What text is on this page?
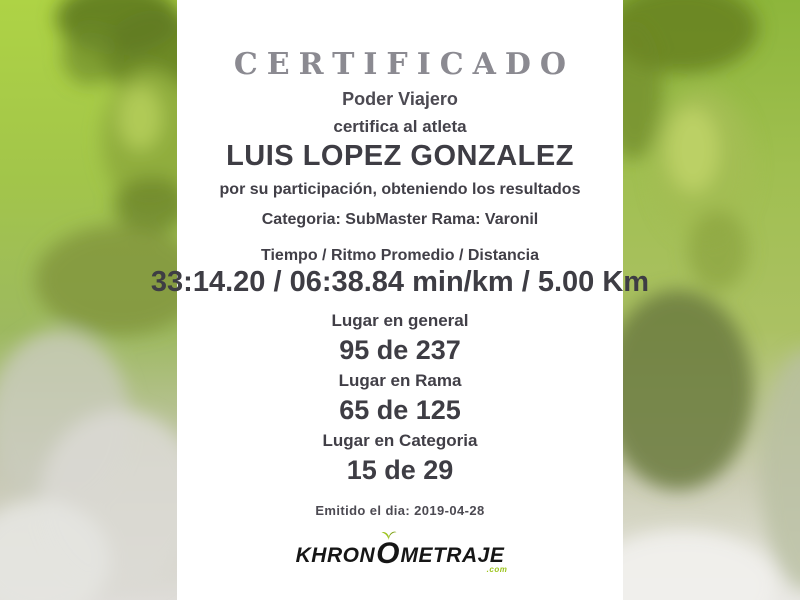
CERTIFICADO
Poder Viajero
certifica al atleta
LUIS LOPEZ GONZALEZ
por su participación, obteniendo los resultados
Categoria: SubMaster Rama: Varonil
Tiempo / Ritmo Promedio / Distancia
33:14.20 / 06:38.84 min/km / 5.00 Km
Lugar en general
95 de 237
Lugar en Rama
65 de 125
Lugar en Categoria
15 de 29
Emitido el dia: 2019-04-28
KHRON O METRAJE
.com
